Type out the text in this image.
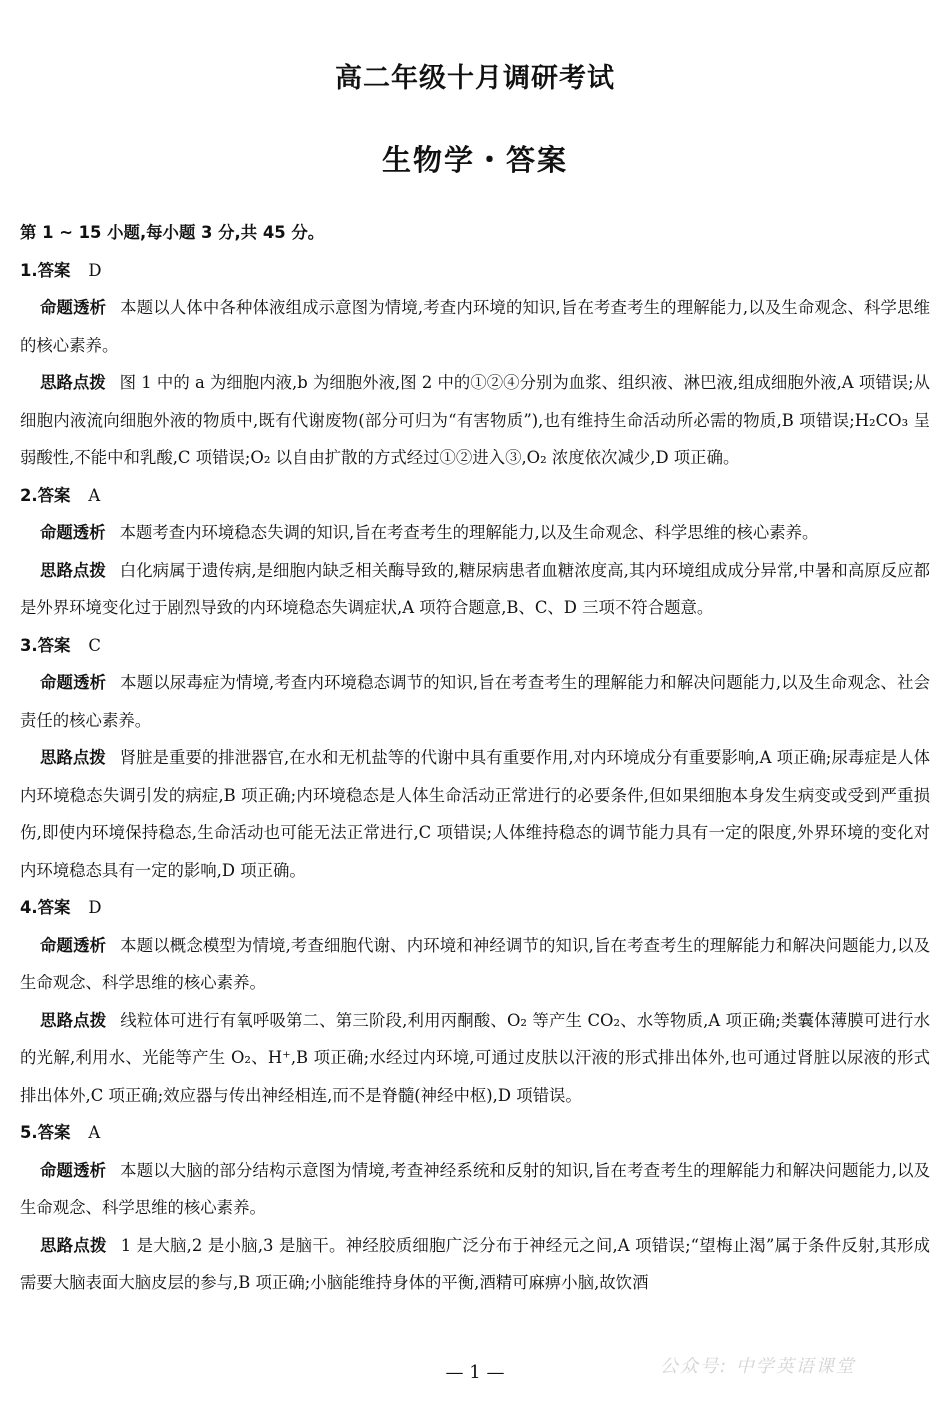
高二年级十月调研考试
生物学・答案
第 1 ~ 15 小题,每小题 3 分,共 45 分。
1.答案 D
命题透析 本题以人体中各种体液组成示意图为情境,考查内环境的知识,旨在考查考生的理解能力,以及生命观念、科学思维的核心素养。
思路点拨 图 1 中的 a 为细胞内液,b 为细胞外液,图 2 中的①②④分别为血浆、组织液、淋巴液,组成细胞外液,A 项错误;从细胞内液流向细胞外液的物质中,既有代谢废物(部分可归为“有害物质”),也有维持生命活动所必需的物质,B 项错误;H₂CO₃ 呈弱酸性,不能中和乳酸,C 项错误;O₂ 以自由扩散的方式经过①②进入③,O₂ 浓度依次减少,D 项正确。
2.答案 A
命题透析 本题考查内环境稳态失调的知识,旨在考查考生的理解能力,以及生命观念、科学思维的核心素养。
思路点拨 白化病属于遗传病,是细胞内缺乏相关酶导致的,糖尿病患者血糖浓度高,其内环境组成成分异常,中暑和高原反应都是外界环境变化过于剧烈导致的内环境稳态失调症状,A 项符合题意,B、C、D 三项不符合题意。
3.答案 C
命题透析 本题以尿毒症为情境,考查内环境稳态调节的知识,旨在考查考生的理解能力和解决问题能力,以及生命观念、社会责任的核心素养。
思路点拨 肾脏是重要的排泄器官,在水和无机盐等的代谢中具有重要作用,对内环境成分有重要影响,A 项正确;尿毒症是人体内环境稳态失调引发的病症,B 项正确;内环境稳态是人体生命活动正常进行的必要条件,但如果细胞本身发生病变或受到严重损伤,即使内环境保持稳态,生命活动也可能无法正常进行,C 项错误;人体维持稳态的调节能力具有一定的限度,外界环境的变化对内环境稳态具有一定的影响,D 项正确。
4.答案 D
命题透析 本题以概念模型为情境,考查细胞代谢、内环境和神经调节的知识,旨在考查考生的理解能力和解决问题能力,以及生命观念、科学思维的核心素养。
思路点拨 线粒体可进行有氧呼吸第二、第三阶段,利用丙酮酸、O₂ 等产生 CO₂、水等物质,A 项正确;类囊体薄膜可进行水的光解,利用水、光能等产生 O₂、H⁺,B 项正确;水经过内环境,可通过皮肤以汗液的形式排出体外,也可通过肾脏以尿液的形式排出体外,C 项正确;效应器与传出神经相连,而不是脊髓(神经中枢),D 项错误。
5.答案 A
命题透析 本题以大脑的部分结构示意图为情境,考查神经系统和反射的知识,旨在考查考生的理解能力和解决问题能力,以及生命观念、科学思维的核心素养。
思路点拨 1 是大脑,2 是小脑,3 是脑干。神经胶质细胞广泛分布于神经元之间,A 项错误;“望梅止渴”属于条件反射,其形成需要大脑表面大脑皮层的参与,B 项正确;小脑能维持身体的平衡,酒精可麻痹小脑,故饮酒
公众号: 中学英语课堂
— 1 —
